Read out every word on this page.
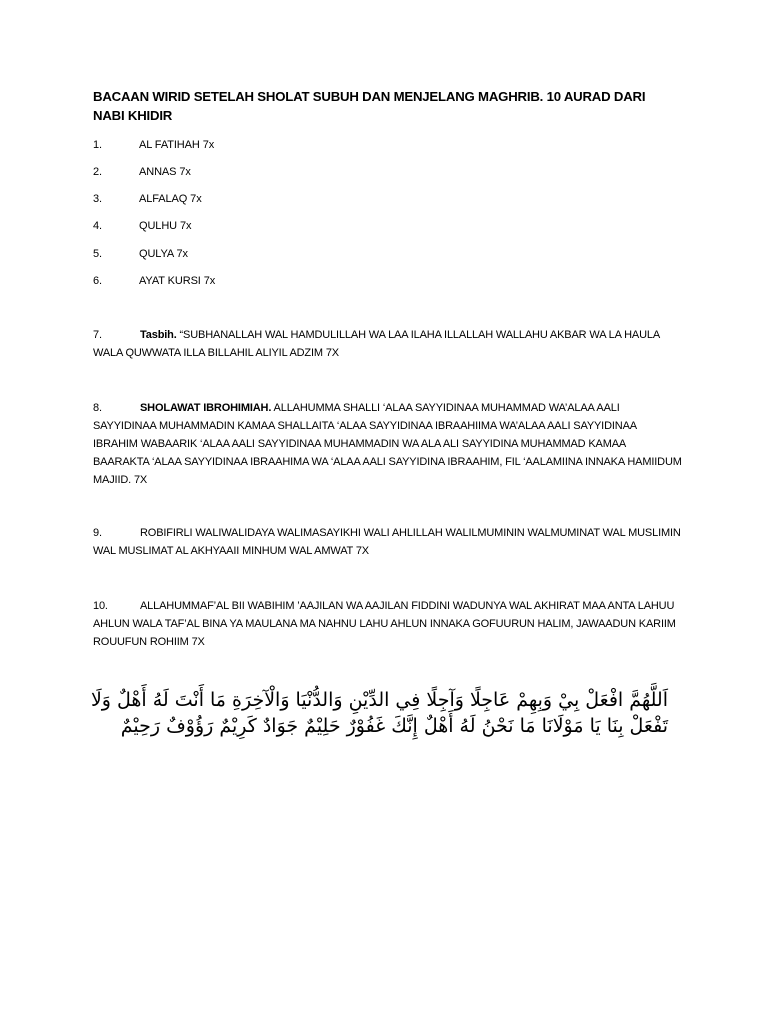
BACAAN WIRID SETELAH SHOLAT SUBUH DAN MENJELANG MAGHRIB. 10 AURAD DARI NABI KHIDIR
1.	AL FATIHAH 7x
2.	ANNAS 7x
3.	ALFALAQ 7x
4.	QULHU 7x
5.	QULYA 7x
6.	AYAT KURSI 7x
7.	Tasbih. “SUBHANALLAH WAL HAMDULILLAH WA LAA ILAHA ILLALLAH WALLAHU AKBAR WA LA HAULA WALA QUWWATA ILLA BILLAHIL ALIYIL ADZIM 7X
8.	SHOLAWAT IBROHIMIAH. ALLAHUMMA SHALLI ‘ALAA SAYYIDINAA MUHAMMAD WA’ALAA AALI SAYYIDINAA MUHAMMADIN KAMAA SHALLAITA ‘ALAA SAYYIDINAA IBRAAHIIMA WA’ALAA AALI SAYYIDINAA IBRAHIM WABAARIK ‘ALAA AALI SAYYIDINAA MUHAMMADIN WA ALA ALI SAYYIDINA MUHAMMAD KAMAA BAARAKTA ‘ALAA SAYYIDINAA IBRAAHIMA WA ‘ALAA AALI SAYYIDINA IBRAAHIM, FIL ‘AALAMIINA INNAKA HAMIIDUM MAJIID. 7X
9.	ROBIFIRLI WALIWALIDAYA WALIMASAYIKHI WALI AHLILLAH WALILMUMININ WALMUMINAT WAL MUSLIMIN WAL MUSLIMAT AL AKHYAAII MINHUM WAL AMWAT 7X
10.	ALLAHUMMAF’AL BII WABIHIM ’AAJILAN WA AAJILAN FIDDINI WADUNYA WAL AKHIRAT MAA ANTA LAHUU AHLUN WALA TAF’AL BINA YA MAULANA MA NAHNU LAHU AHLUN INNAKA GOFUURUN HALIM, JAWAADUN KARIIM ROUUFUN ROHIIM 7X
اَللَّهُمَّ افْعَلْ بِيْ وَبِهِمْ عَاجِلًا وَآجِلًا فِي الدِّيْنِ وَالدُّنْيَا وَالْآخِرَةِ مَا أَنْتَ لَهُ أَهْلٌ وَلَا تَفْعَلْ بِنَا يَا مَوْلَانَا مَا نَحْنُ لَهُ أَهْلٌ إِنَّكَ غَفُوْرٌ حَلِيْمٌ جَوَادٌ كَرِيْمٌ رَؤُوْفٌ رَحِيْمٌ
